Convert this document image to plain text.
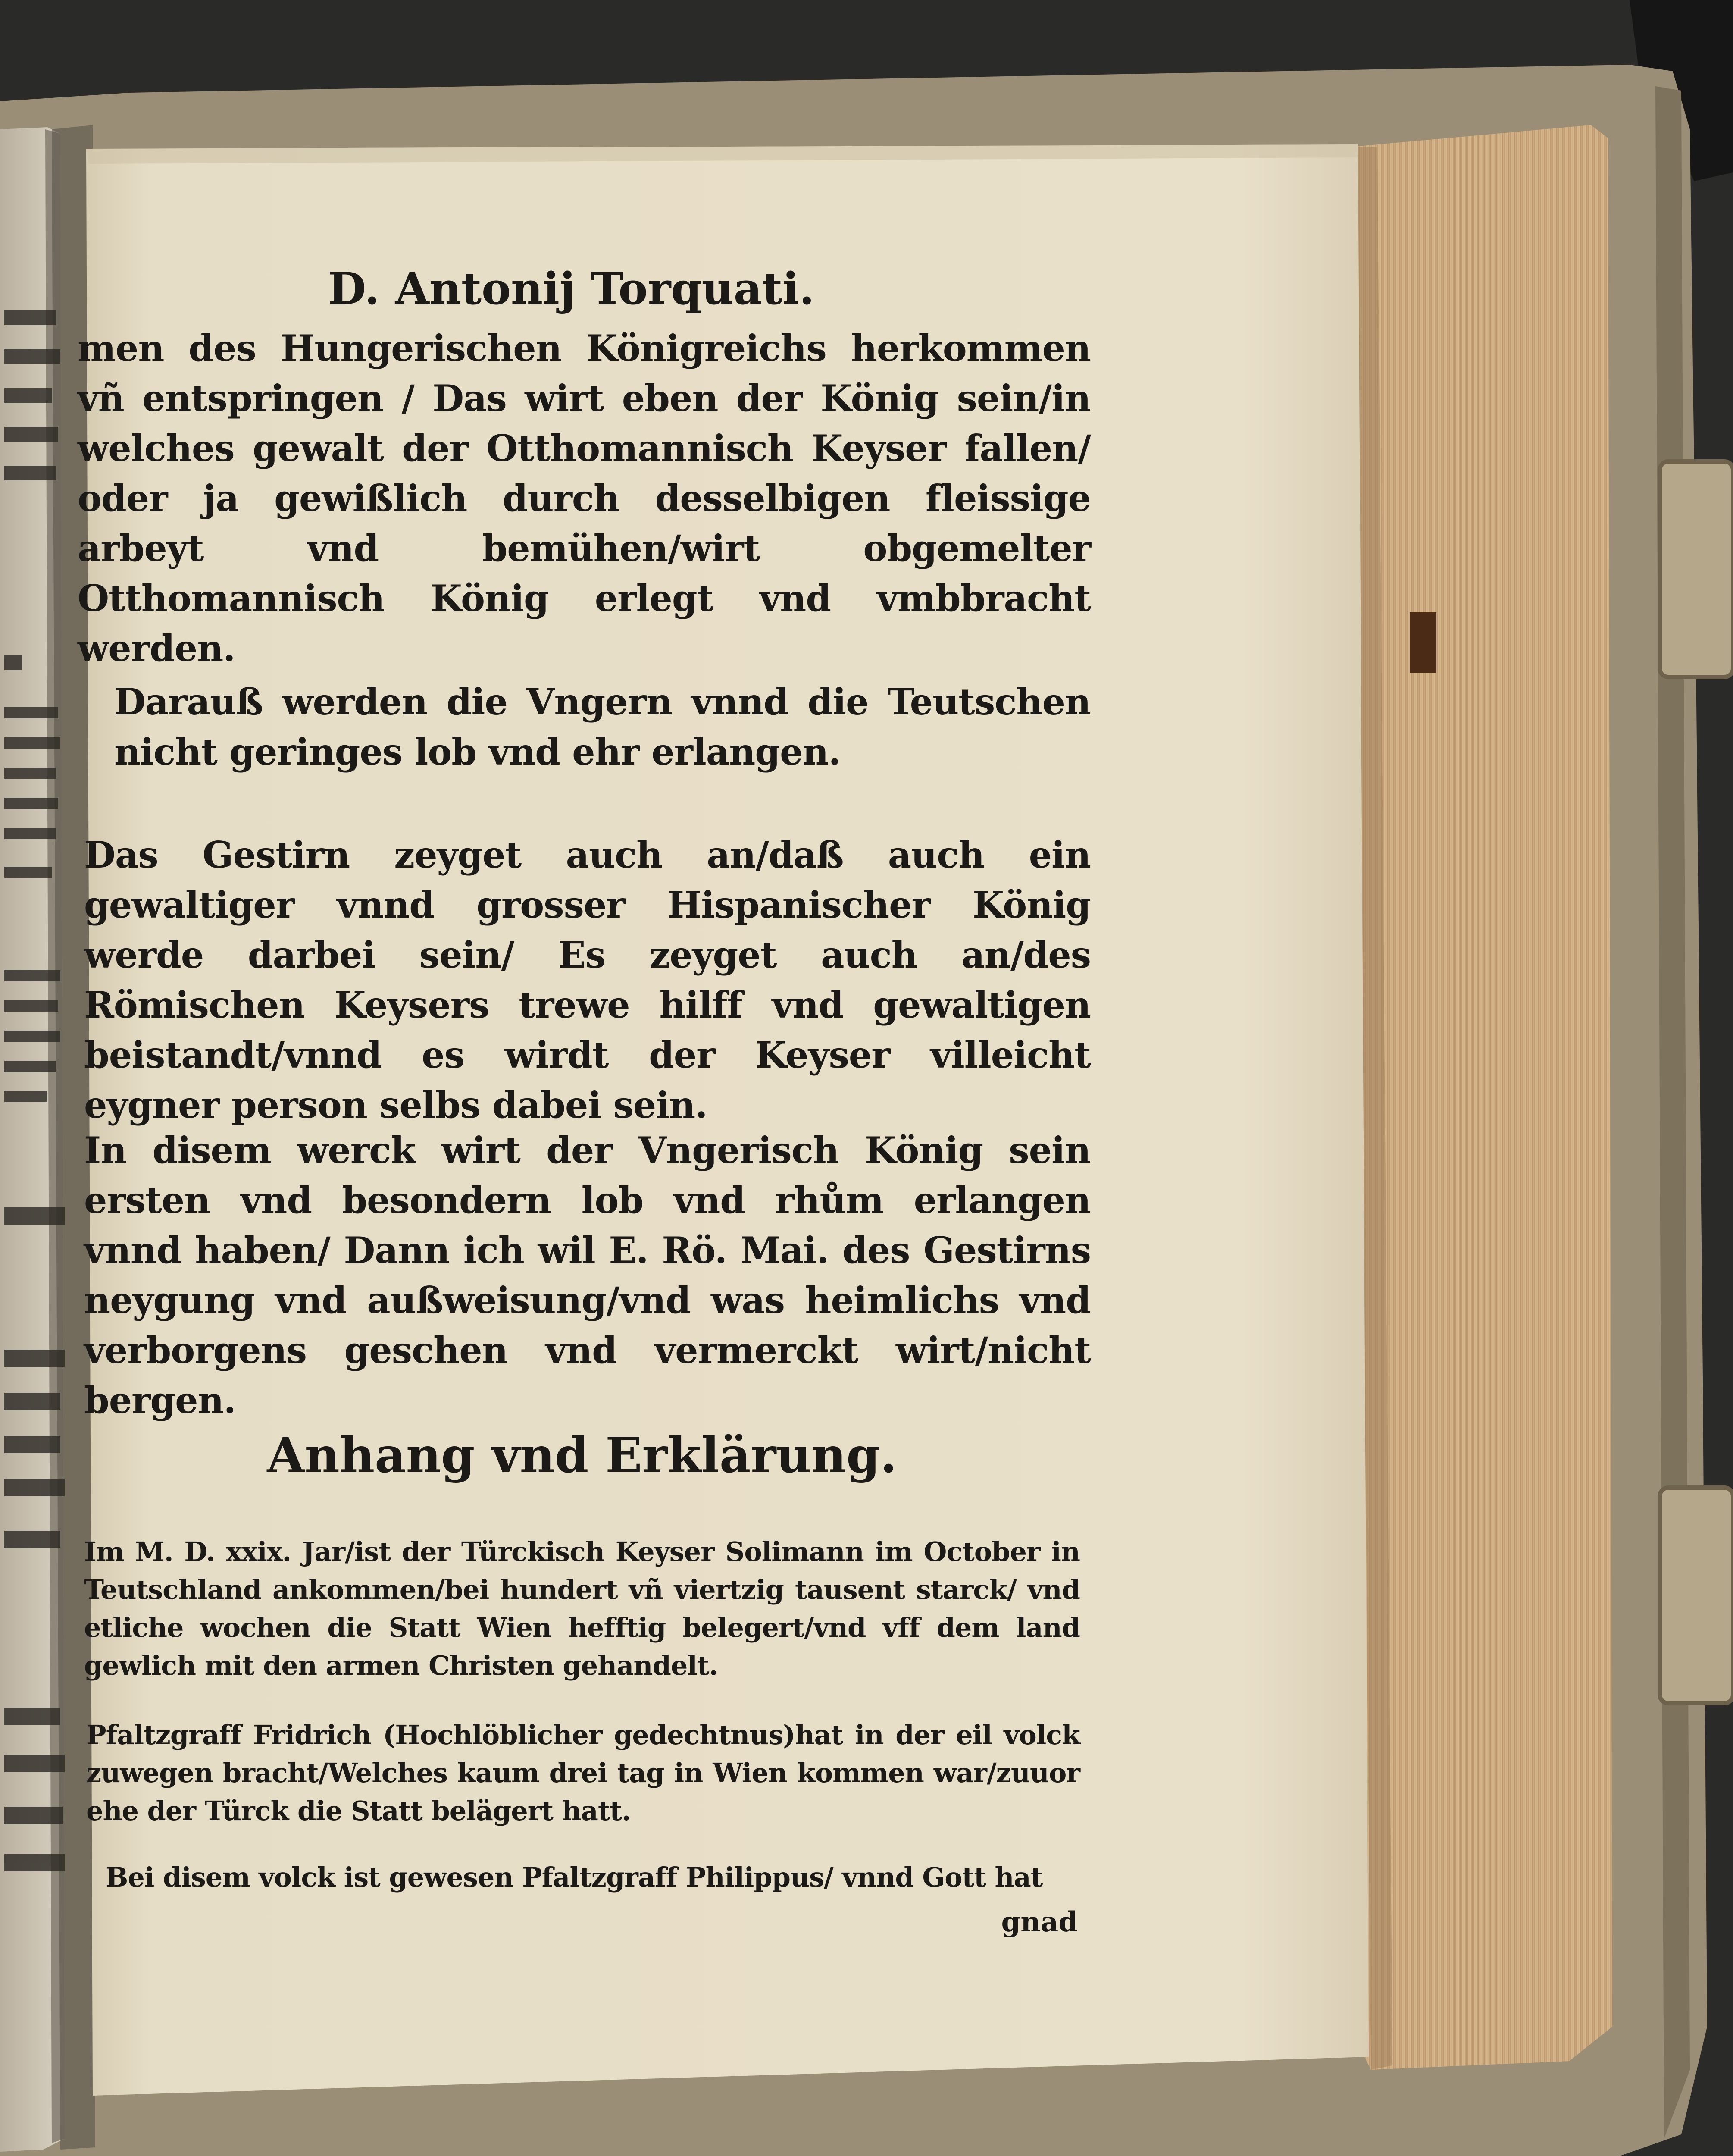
D. Antonij Torquati.
men des Hungerischen Königreichs herkommen vñ entspringen / Das wirt eben der König sein/in welches gewalt der Otthomannisch Keyser fallen/ oder ja gewißlich durch desselbigen fleissige arbeyt vnd bemühen/wirt obgemelter Otthomannisch König erlegt vnd vmbbracht werden.
Darauß werden die Vngern vnnd die Teutschen nicht geringes lob vnd ehr erlangen.
Das Gestirn zeyget auch an/daß auch ein gewaltiger vnnd grosser Hispanischer König werde darbei sein/ Es zeyget auch an/des Römischen Keysers trewe hilff vnd gewaltigen beistandt/vnnd es wirdt der Keyser villeicht eygner person selbs dabei sein.
In disem werck wirt der Vngerisch König sein ersten vnd besondern lob vnd rhům erlangen vnnd haben/ Dann ich wil E. Rö. Mai. des Gestirns neygung vnd außweisung/vnd was heimlichs vnd verborgens geschen vnd vermerckt wirt/nicht bergen.
Anhang vnd Erklärung.
Im M. D. xxix. Jar/ist der Türckisch Keyser Solimann im October in Teutschland ankommen/bei hundert vñ viertzig tausent starck/ vnd etliche wochen die Statt Wien hefftig belegert/vnd vff dem land gewlich mit den armen Christen gehandelt.
Pfaltzgraff Fridrich (Hochlöblicher gedechtnus)hat in der eil volck zuwegen bracht/Welches kaum drei tag in Wien kommen war/zuuor ehe der Türck die Statt belägert hatt.
Bei disem volck ist gewesen Pfaltzgraff Philippus/ vnnd Gott hat
gnad
